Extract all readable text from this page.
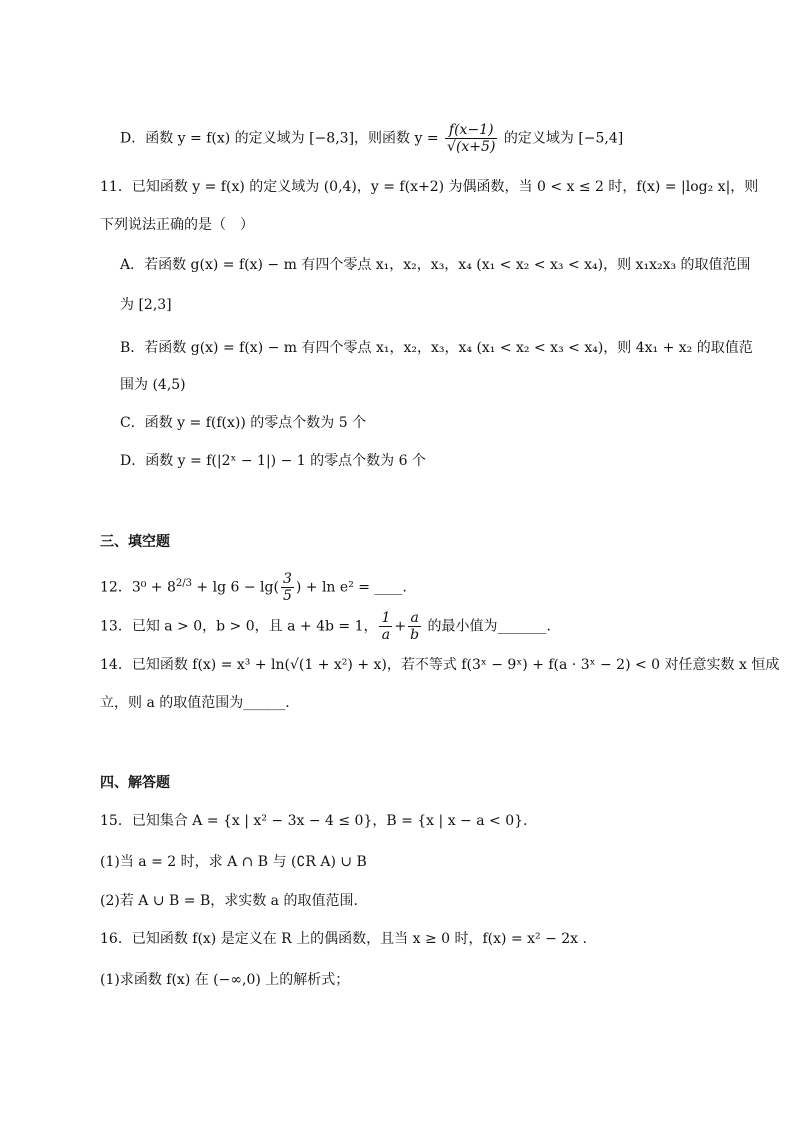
D．函数 y = f(x) 的定义域为 [−8,3]，则函数 $y = \frac{f(x-1)}{√(x+5)}$ 的定义域为 [−5,4]
11．已知函数 y = f(x) 的定义域为 (0,4)，y = f(x+2) 为偶函数，当 0 < x ≤ 2 时，f(x) = |log₂ x|，则
下列说法正确的是（　）
A．若函数 g(x) = f(x) − m 有四个零点 x₁，x₂，x₃，x₄ (x₁ < x₂ < x₃ < x₄)，则 x₁x₂x₃ 的取值范围
为 [2,3]
B．若函数 g(x) = f(x) − m 有四个零点 x₁，x₂，x₃，x₄ (x₁ < x₂ < x₃ < x₄)，则 4x₁ + x₂ 的取值范
围为 (4,5)
C．函数 y = f(f(x)) 的零点个数为 5 个
D．函数 y = f(|2ˣ − 1|) − 1 的零点个数为 6 个
三、填空题
12．$3^0 + 8^{2/3} + \lg 6 - \lg( \frac{3}{5}$ ) + ln e² = ____.
13．已知 a > 0，b > 0，且 a + 4b = 1， $\frac{1}{a} + \frac{a}{b}$ 的最小值为_______.
14．已知函数 f(x) = x³ + ln(√(1 + x²) + x)，若不等式 f(3ˣ − 9ˣ) + f(a · 3ˣ − 2) < 0 对任意实数 x 恒成
立，则 a 的取值范围为______.
四、解答题
15．已知集合 A = {x | x² − 3x − 4 ≤ 0}，B = {x | x − a < 0}.
(1)当 a = 2 时，求 A ∩ B 与 (∁R A) ∪ B
(2)若 A ∪ B = B，求实数 a 的取值范围.
16．已知函数 f(x) 是定义在 R 上的偶函数，且当 x ≥ 0 时，f(x) = x² − 2x .
(1)求函数 f(x) 在 (−∞,0) 上的解析式；
